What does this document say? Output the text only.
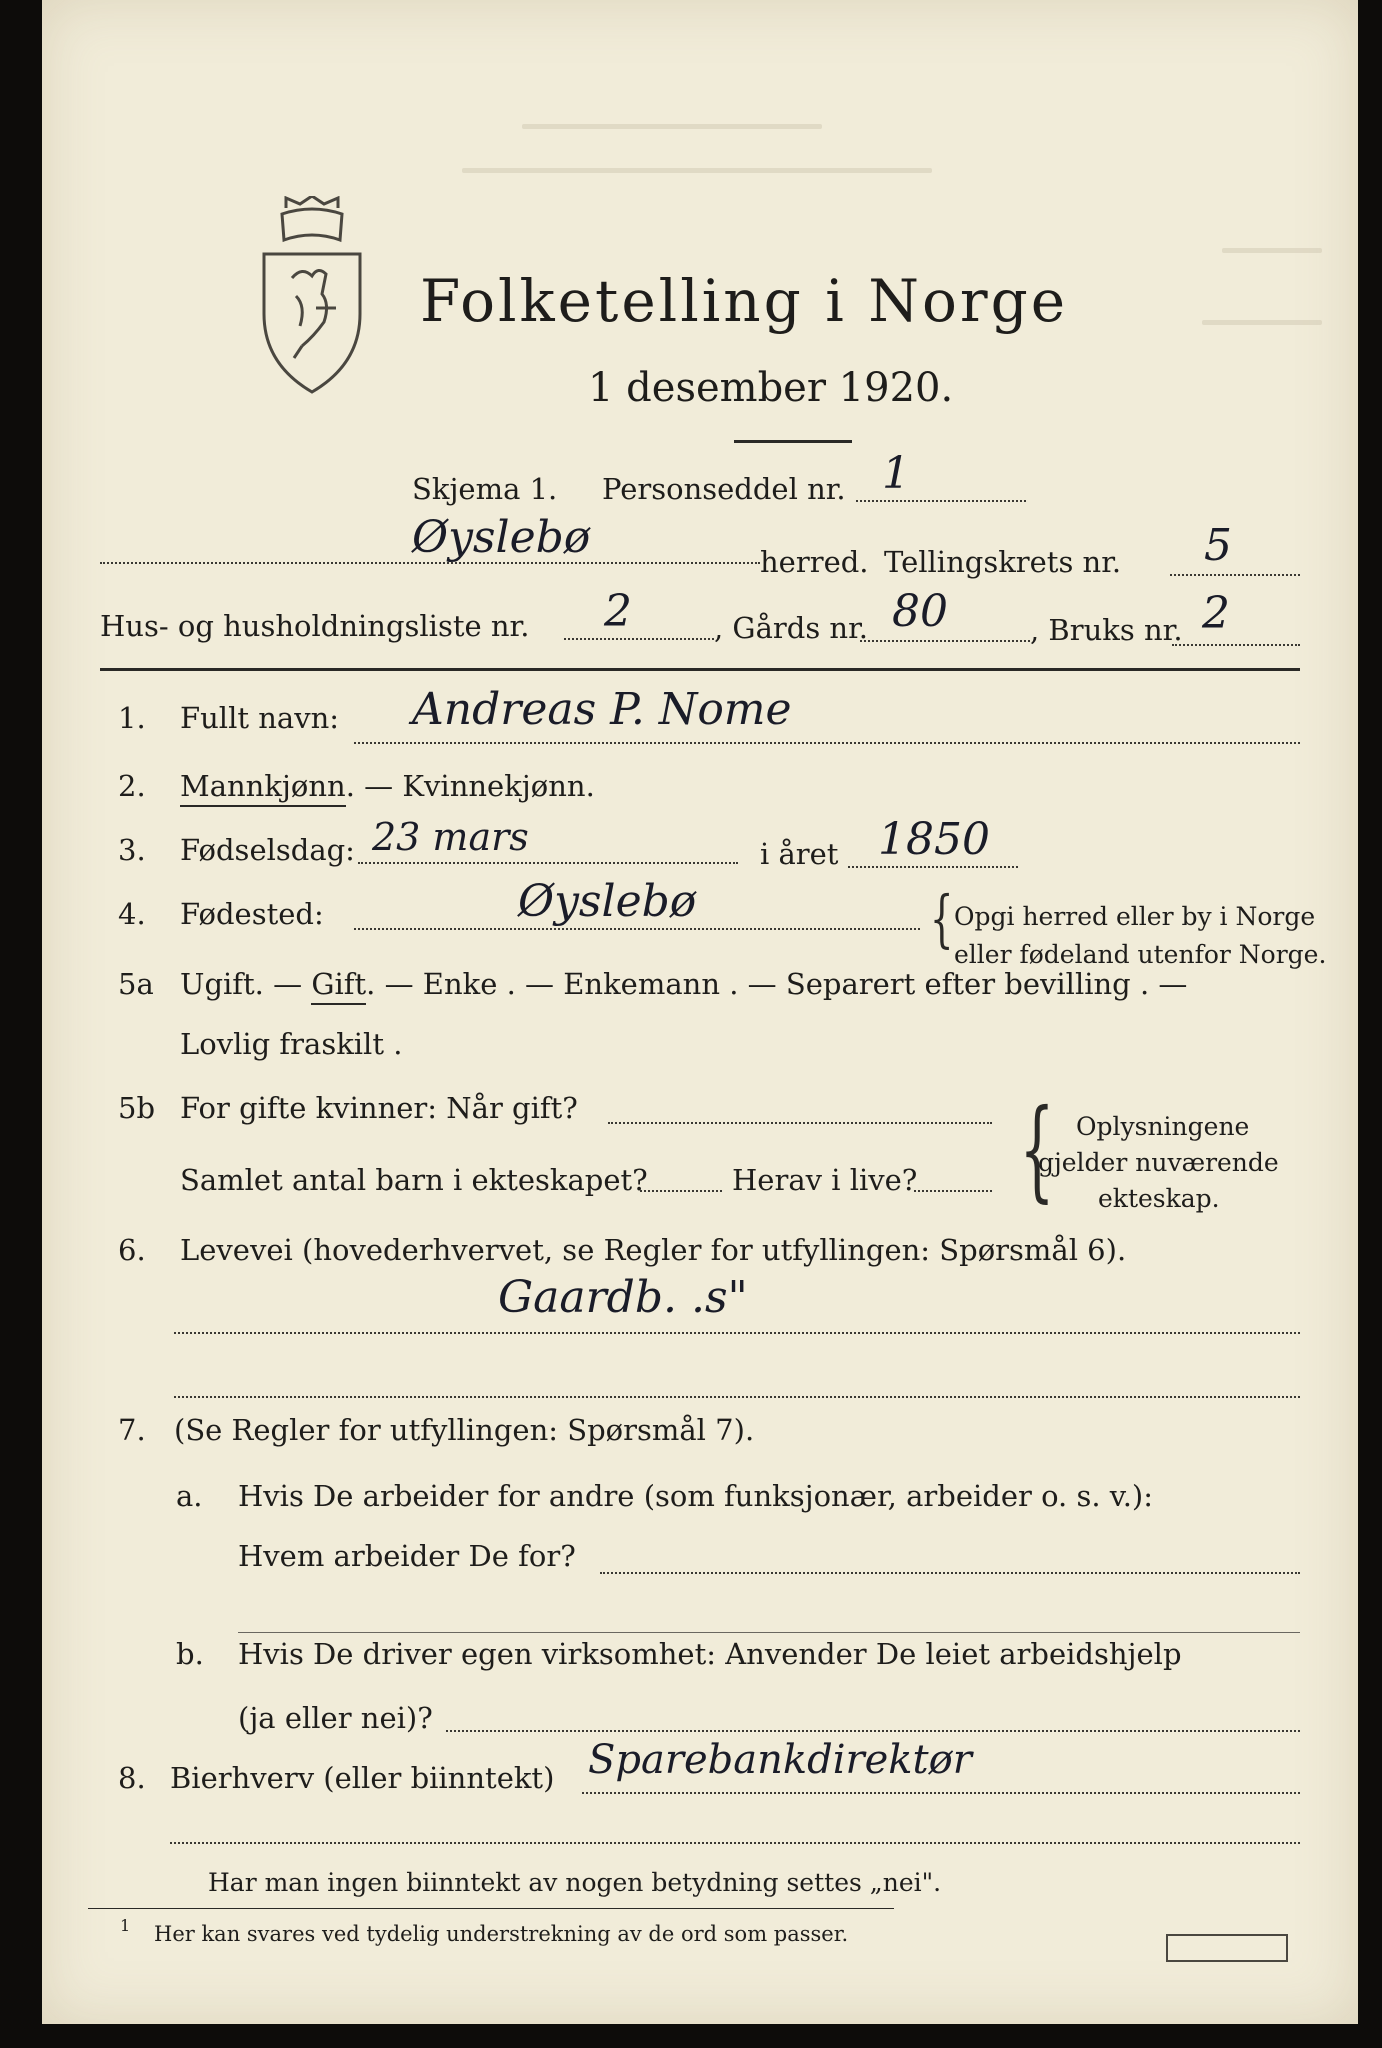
Folketelling i Norge
1 desember 1920.
Skjema 1. Personseddel nr. 1
Øyslebø	herred. Tellingskrets nr. 5
Hus- og husholdningsliste nr. 2	, Gårds nr. 80	, Bruks nr. 2
1. Fullt navn: Andreas P. Nome
2. Mannkjønn. — Kvinnekjønn.
3. Fødselsdag: 23 mars	i året 1850
4. Fødested:	Øyslebø	{ Opgi herred eller by i Norge
eller fødeland utenfor Norge.
5a Ugift. — Gift. — Enke . — Enkemann . — Separert efter bevilling . —
Lovlig fraskilt .
5b For gifte kvinner: Når gift?
Samlet antal barn i ekteskapet?	Herav i live? { Oplysningene
gjelder nuværende
ekteskap.
6. Levevei (hovederhvervet, se Regler for utfyllingen: Spørsmål 6).
Gaardb. .s"
7. (Se Regler for utfyllingen: Spørsmål 7).
a. Hvis De arbeider for andre (som funksjonær, arbeider o. s. v.):
Hvem arbeider De for?
b. Hvis De driver egen virksomhet: Anvender De leiet arbeidshjelp
(ja eller nei)?
8. Bierhverv (eller biinntekt) Sparebankdirektør
Har man ingen biinntekt av nogen betydning settes „nei".
1 Her kan svares ved tydelig understrekning av de ord som passer.
